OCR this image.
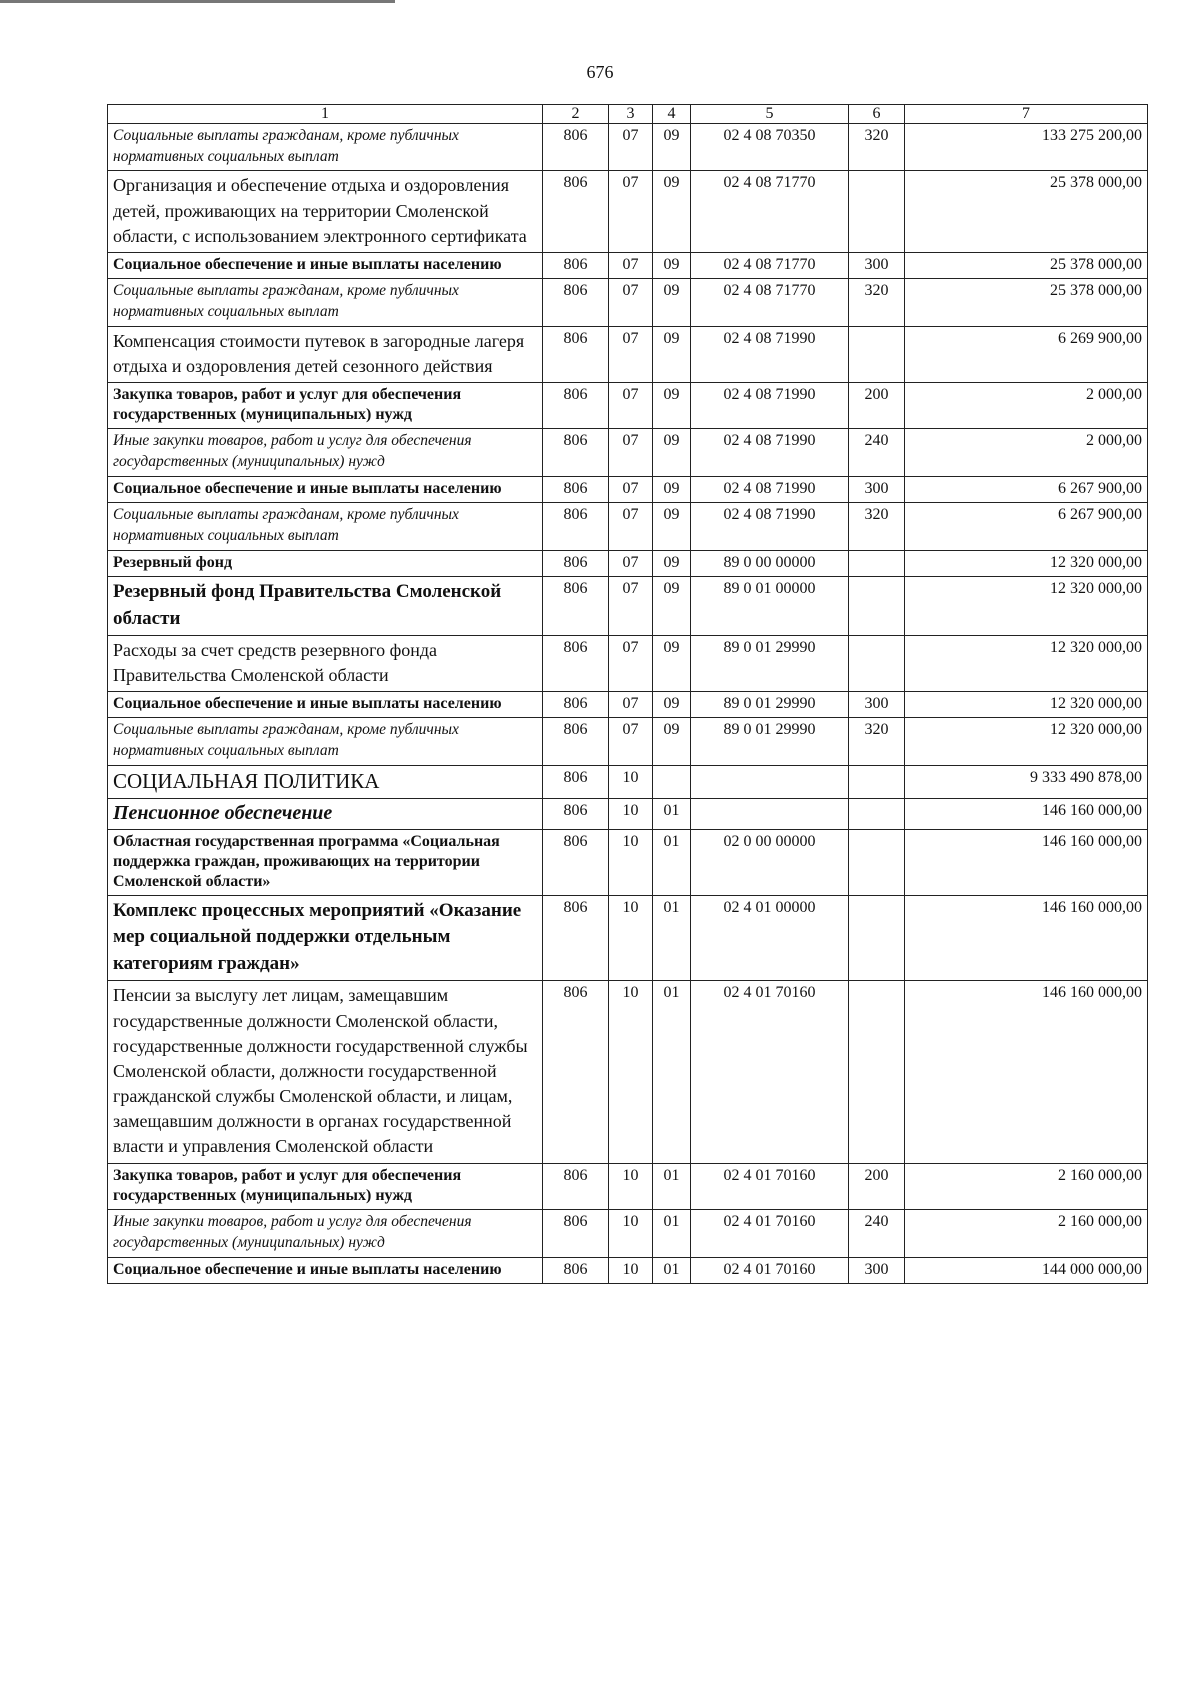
676
1	2	3	4	5	6	7
Социальные выплаты гражданам, кроме публичных нормативных социальных выплат	806	07	09	02 4 08 70350	320	133 275 200,00
Организация и обеспечение отдыха и оздоровления детей, проживающих на территории Смоленской области, с использованием электронного сертификата	806	07	09	02 4 08 71770		25 378 000,00
Социальное обеспечение и иные выплаты населению	806	07	09	02 4 08 71770	300	25 378 000,00
Социальные выплаты гражданам, кроме публичных нормативных социальных выплат	806	07	09	02 4 08 71770	320	25 378 000,00
Компенсация стоимости путевок в загородные лагеря отдыха и оздоровления детей сезонного действия	806	07	09	02 4 08 71990		6 269 900,00
Закупка товаров, работ и услуг для обеспечения государственных (муниципальных) нужд	806	07	09	02 4 08 71990	200	2 000,00
Иные закупки товаров, работ и услуг для обеспечения государственных (муниципальных) нужд	806	07	09	02 4 08 71990	240	2 000,00
Социальное обеспечение и иные выплаты населению	806	07	09	02 4 08 71990	300	6 267 900,00
Социальные выплаты гражданам, кроме публичных нормативных социальных выплат	806	07	09	02 4 08 71990	320	6 267 900,00
Резервный фонд	806	07	09	89 0 00 00000		12 320 000,00
Резервный фонд Правительства Смоленской области	806	07	09	89 0 01 00000		12 320 000,00
Расходы за счет средств резервного фонда Правительства Смоленской области	806	07	09	89 0 01 29990		12 320 000,00
Социальное обеспечение и иные выплаты населению	806	07	09	89 0 01 29990	300	12 320 000,00
Социальные выплаты гражданам, кроме публичных нормативных социальных выплат	806	07	09	89 0 01 29990	320	12 320 000,00
СОЦИАЛЬНАЯ ПОЛИТИКА	806	10				9 333 490 878,00
Пенсионное обеспечение	806	10	01			146 160 000,00
Областная государственная программа «Социальная поддержка граждан, проживающих на территории Смоленской области»	806	10	01	02 0 00 00000		146 160 000,00
Комплекс процессных мероприятий «Оказание мер социальной поддержки отдельным категориям граждан»	806	10	01	02 4 01 00000		146 160 000,00
Пенсии за выслугу лет лицам, замещавшим государственные должности Смоленской области, государственные должности государственной службы Смоленской области, должности государственной гражданской службы Смоленской области, и лицам, замещавшим должности в органах государственной власти и управления Смоленской области	806	10	01	02 4 01 70160		146 160 000,00
Закупка товаров, работ и услуг для обеспечения государственных (муниципальных) нужд	806	10	01	02 4 01 70160	200	2 160 000,00
Иные закупки товаров, работ и услуг для обеспечения государственных (муниципальных) нужд	806	10	01	02 4 01 70160	240	2 160 000,00
Социальное обеспечение и иные выплаты населению	806	10	01	02 4 01 70160	300	144 000 000,00
